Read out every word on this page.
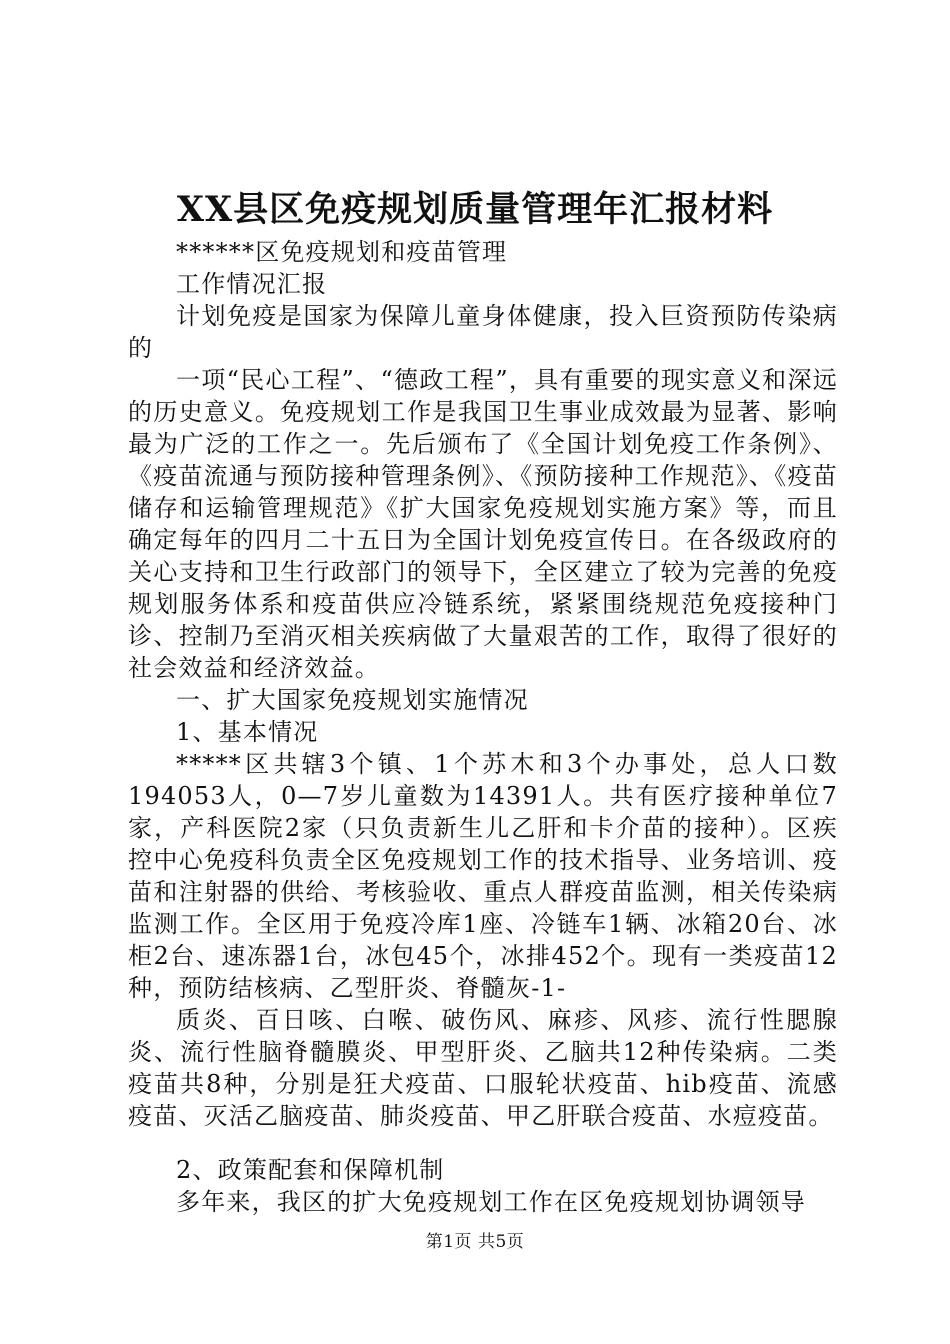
XX县区免疫规划质量管理年汇报材料

******区免疫规划和疫苗管理

工作情况汇报

计划免疫是国家为保障儿童身体健康，投入巨资预防传染病的

一项“民心工程”、“德政工程”，具有重要的现实意义和深远的历史意义。免疫规划工作是我国卫生事业成效最为显著、影响最为广泛的工作之一。先后颁布了《全国计划免疫工作条例》、《疫苗流通与预防接种管理条例》、《预防接种工作规范》、《疫苗储存和运输管理规范》《扩大国家免疫规划实施方案》等，而且确定每年的四月二十五日为全国计划免疫宣传日。在各级政府的关心支持和卫生行政部门的领导下，全区建立了较为完善的免疫规划服务体系和疫苗供应冷链系统，紧紧围绕规范免疫接种门诊、控制乃至消灭相关疾病做了大量艰苦的工作，取得了很好的社会效益和经济效益。

一、扩大国家免疫规划实施情况

1、基本情况

*****区共辖3个镇、1个苏木和3个办事处，总人口数194053人，0—7岁儿童数为14391人。共有医疗接种单位7家，产科医院2家（只负责新生儿乙肝和卡介苗的接种）。区疾控中心免疫科负责全区免疫规划工作的技术指导、业务培训、疫苗和注射器的供给、考核验收、重点人群疫苗监测，相关传染病监测工作。全区用于免疫冷库1座、冷链车1辆、冰箱20台、冰柜2台、速冻器1台，冰包45个，冰排452个。现有一类疫苗12种，预防结核病、乙型肝炎、脊髓灰-1-

质炎、百日咳、白喉、破伤风、麻疹、风疹、流行性腮腺炎、流行性脑脊髓膜炎、甲型肝炎、乙脑共12种传染病。二类疫苗共8种，分别是狂犬疫苗、口服轮状疫苗、hib疫苗、流感疫苗、灭活乙脑疫苗、肺炎疫苗、甲乙肝联合疫苗、水痘疫苗。

2、政策配套和保障机制

多年来，我区的扩大免疫规划工作在区免疫规划协调领导

第1页 共5页
